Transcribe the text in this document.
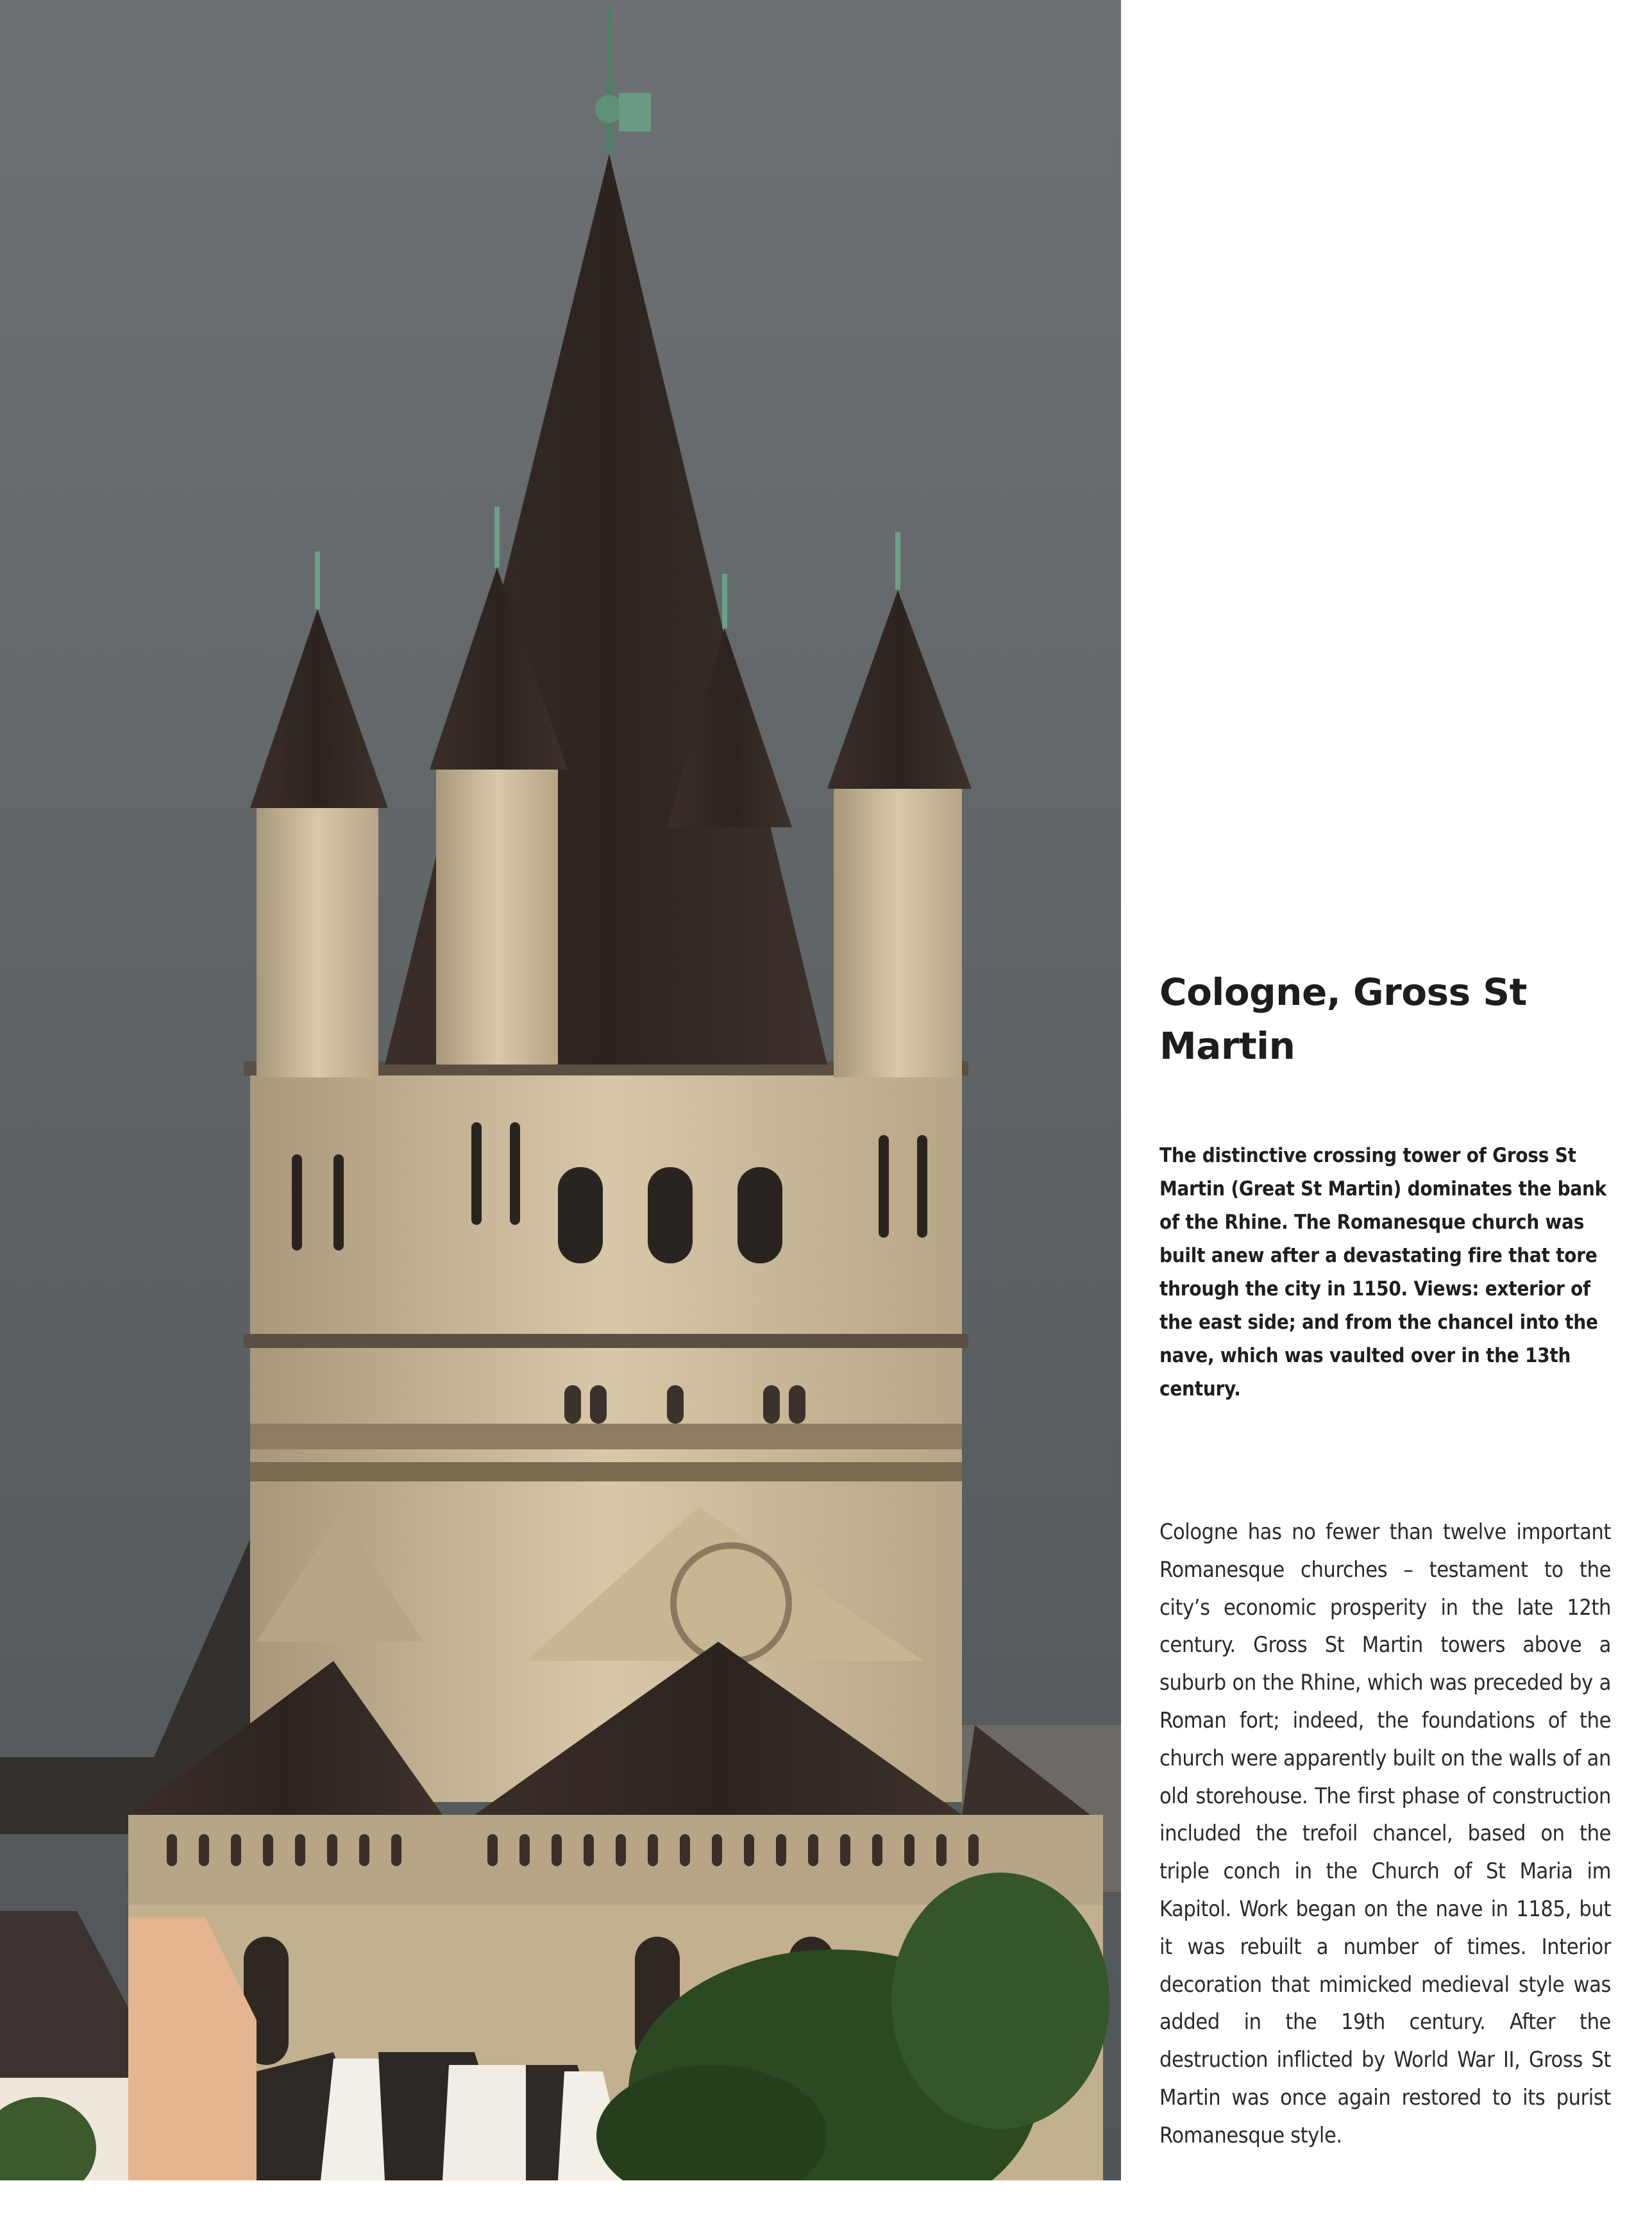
Cologne, Gross St Martin

The distinctive crossing tower of Gross St Martin (Great St Martin) dominates the bank of the Rhine. The Romanesque church was built anew after a devastating fire that tore through the city in 1150. Views: exterior of the east side; and from the chancel into the nave, which was vaulted over in the 13th century.

Cologne has no fewer than twelve important Romanesque churches – testament to the city’s economic prosperity in the late 12th century. Gross St Martin towers above a suburb on the Rhine, which was preceded by a Roman fort; indeed, the foundations of the church were apparently built on the walls of an old storehouse. The first phase of construction included the trefoil chancel, based on the triple conch in the Church of St Maria im Kapitol. Work began on the nave in 1185, but it was rebuilt a number of times. Interior decoration that mimicked medieval style was added in the 19th century. After the destruction inflicted by World War II, Gross St Martin was once again restored to its purist Romanesque style.
